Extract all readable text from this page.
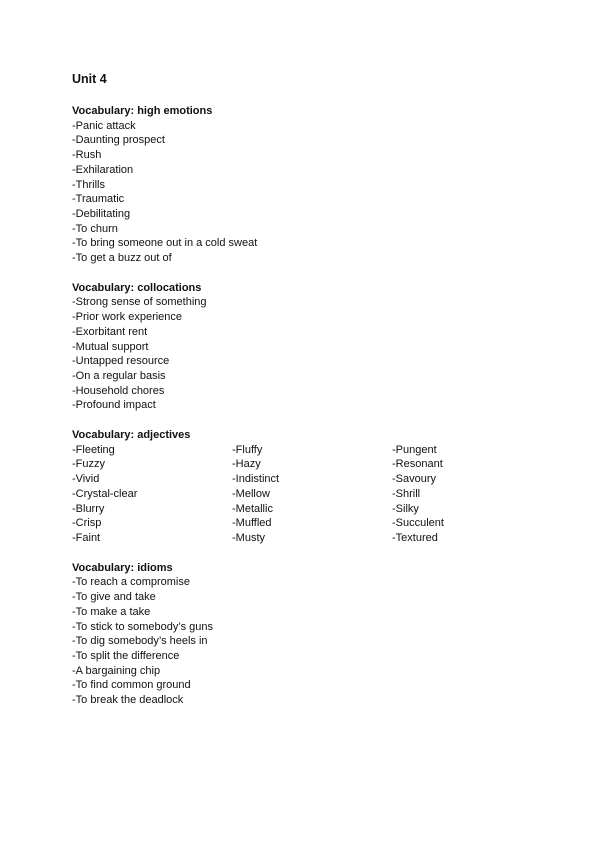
Unit 4
Vocabulary: high emotions
-Panic attack
-Daunting prospect
-Rush
-Exhilaration
-Thrills
-Traumatic
-Debilitating
-To churn
-To bring someone out in a cold sweat
-To get a buzz out of
Vocabulary: collocations
-Strong sense of something
-Prior work experience
-Exorbitant rent
-Mutual support
-Untapped resource
-On a regular basis
-Household chores
-Profound impact
Vocabulary: adjectives
-Fleeting
-Fuzzy
-Vivid
-Crystal-clear
-Blurry
-Crisp
-Faint
-Fluffy
-Hazy
-Indistinct
-Mellow
-Metallic
-Muffled
-Musty
-Pungent
-Resonant
-Savoury
-Shrill
-Silky
-Succulent
-Textured
Vocabulary: idioms
-To reach a compromise
-To give and take
-To make a take
-To stick to somebody’s guns
-To dig somebody’s heels in
-To split the difference
-A bargaining chip
-To find common ground
-To break the deadlock
